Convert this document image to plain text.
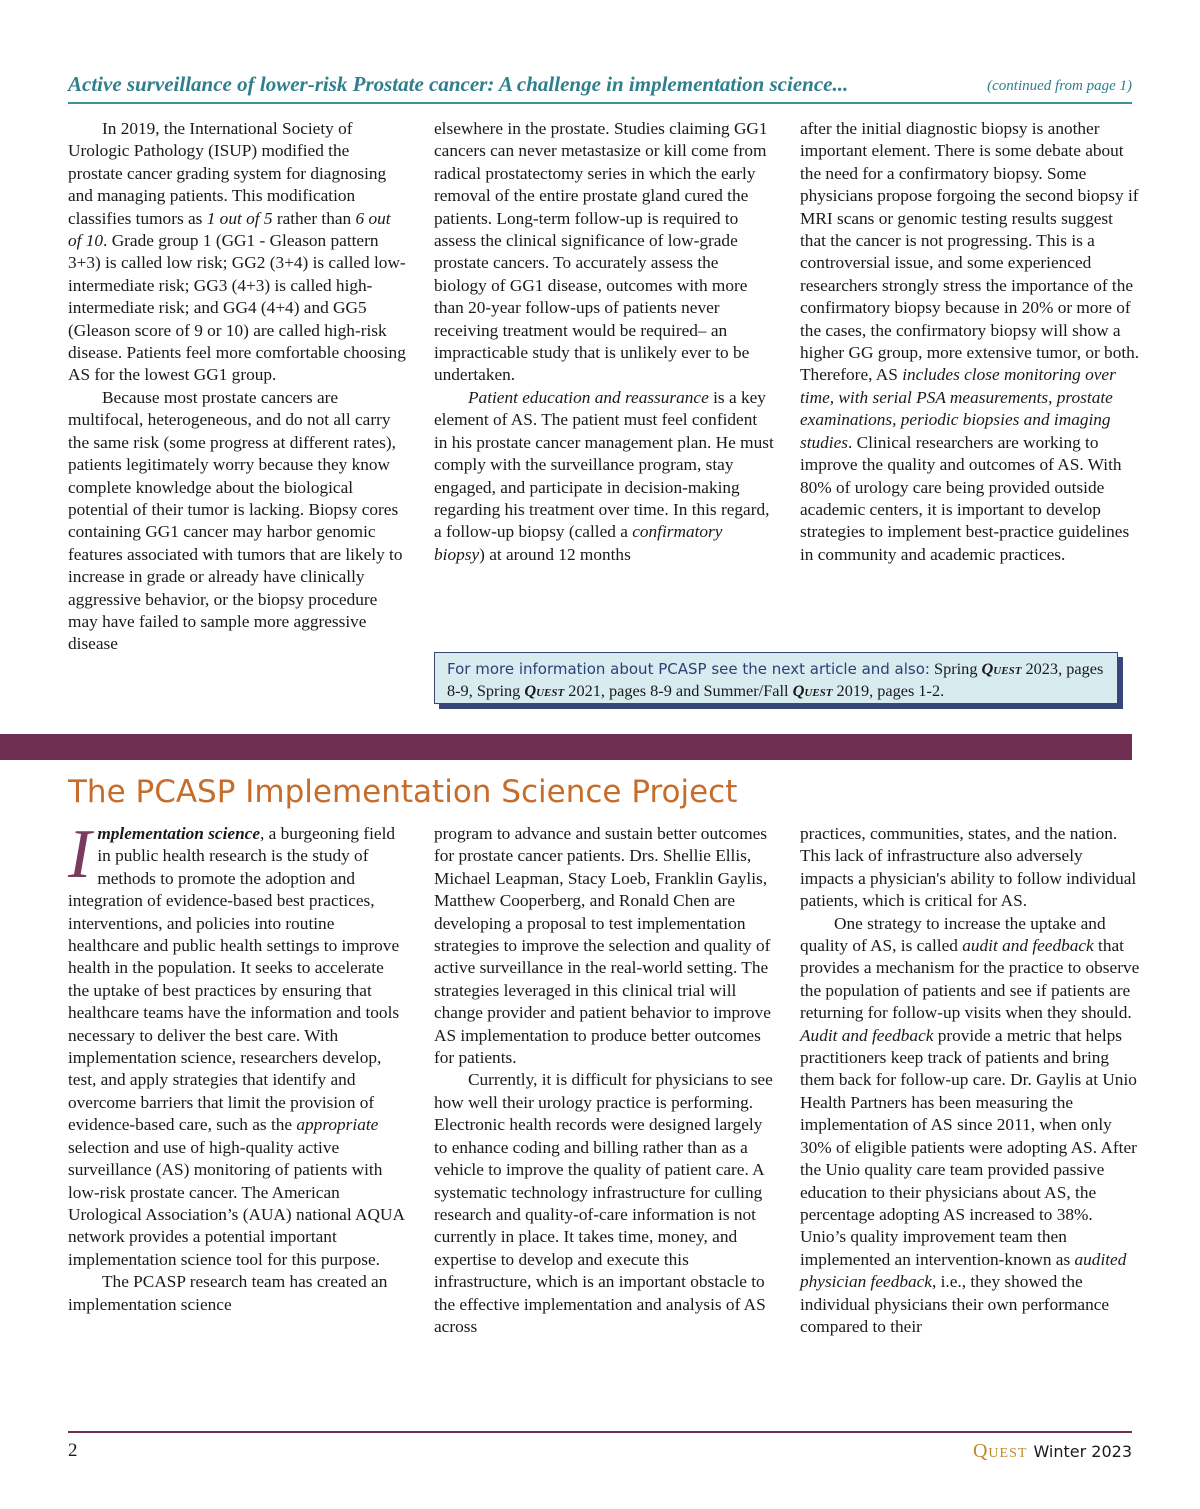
Active surveillance of lower-risk Prostate cancer: A challenge in implementation science...	(continued from page 1)

In 2019, the International Society of Urologic Pathology (ISUP) modified the prostate cancer grading system for diagnosing and managing patients. This modification classifies tumors as 1 out of 5 rather than 6 out of 10. Grade group 1 (GG1 - Gleason pattern 3+3) is called low risk; GG2 (3+4) is called low-intermediate risk; GG3 (4+3) is called high-intermediate risk; and GG4 (4+4) and GG5 (Gleason score of 9 or 10) are called high-risk disease. Patients feel more comfortable choosing AS for the lowest GG1 group.

Because most prostate cancers are multifocal, heterogeneous, and do not all carry the same risk (some progress at different rates), patients legitimately worry because they know complete knowledge about the biological potential of their tumor is lacking. Biopsy cores containing GG1 cancer may harbor genomic features associated with tumors that are likely to increase in grade or already have clinically aggressive behavior, or the biopsy procedure may have failed to sample more aggressive disease

elsewhere in the prostate. Studies claiming GG1 cancers can never metastasize or kill come from radical prostatectomy series in which the early removal of the entire prostate gland cured the patients. Long-term follow-up is required to assess the clinical significance of low-grade prostate cancers. To accurately assess the biology of GG1 disease, outcomes with more than 20-year follow-ups of patients never receiving treatment would be required– an impracticable study that is unlikely ever to be undertaken.

Patient education and reassurance is a key element of AS. The patient must feel confident in his prostate cancer management plan. He must comply with the surveillance program, stay engaged, and participate in decision-making regarding his treatment over time. In this regard, a follow-up biopsy (called a confirmatory biopsy) at around 12 months

after the initial diagnostic biopsy is another important element. There is some debate about the need for a confirmatory biopsy. Some physicians propose forgoing the second biopsy if MRI scans or genomic testing results suggest that the cancer is not progressing. This is a controversial issue, and some experienced researchers strongly stress the importance of the confirmatory biopsy because in 20% or more of the cases, the confirmatory biopsy will show a higher GG group, more extensive tumor, or both. Therefore, AS includes close monitoring over time, with serial PSA measurements, prostate examinations, periodic biopsies and imaging studies. Clinical researchers are working to improve the quality and outcomes of AS. With 80% of urology care being provided outside academic centers, it is important to develop strategies to implement best-practice guidelines in community and academic practices.

For more information about PCASP see the next article and also: Spring Quest 2023, pages 8-9, Spring Quest 2021, pages 8-9 and Summer/Fall Quest 2019, pages 1-2.
The PCASP Implementation Science Project

Implementation science, a burgeoning field in public health research is the study of methods to promote the adoption and integration of evidence-based best practices, interventions, and policies into routine healthcare and public health settings to improve health in the population. It seeks to accelerate the uptake of best practices by ensuring that healthcare teams have the information and tools necessary to deliver the best care. With implementation science, researchers develop, test, and apply strategies that identify and overcome barriers that limit the provision of evidence-based care, such as the appropriate selection and use of high-quality active surveillance (AS) monitoring of patients with low-risk prostate cancer. The American Urological Association’s (AUA) national AQUA network provides a potential important implementation science tool for this purpose.

The PCASP research team has created an implementation science

program to advance and sustain better outcomes for prostate cancer patients. Drs. Shellie Ellis, Michael Leapman, Stacy Loeb, Franklin Gaylis, Matthew Cooperberg, and Ronald Chen are developing a proposal to test implementation strategies to improve the selection and quality of active surveillance in the real-world setting. The strategies leveraged in this clinical trial will change provider and patient behavior to improve AS implementation to produce better outcomes for patients.

Currently, it is difficult for physicians to see how well their urology practice is performing. Electronic health records were designed largely to enhance coding and billing rather than as a vehicle to improve the quality of patient care. A systematic technology infrastructure for culling research and quality-of-care information is not currently in place. It takes time, money, and expertise to develop and execute this infrastructure, which is an important obstacle to the effective implementation and analysis of AS across

practices, communities, states, and the nation. This lack of infrastructure also adversely impacts a physician's ability to follow individual patients, which is critical for AS.

One strategy to increase the uptake and quality of AS, is called audit and feedback that provides a mechanism for the practice to observe the population of patients and see if patients are returning for follow-up visits when they should. Audit and feedback provide a metric that helps practitioners keep track of patients and bring them back for follow-up care. Dr. Gaylis at Unio Health Partners has been measuring the implementation of AS since 2011, when only 30% of eligible patients were adopting AS. After the Unio quality care team provided passive education to their physicians about AS, the percentage adopting AS increased to 38%. Unio’s quality improvement team then implemented an intervention-known as audited physician feedback, i.e., they showed the individual physicians their own performance compared to their

2	Quest Winter 2023
